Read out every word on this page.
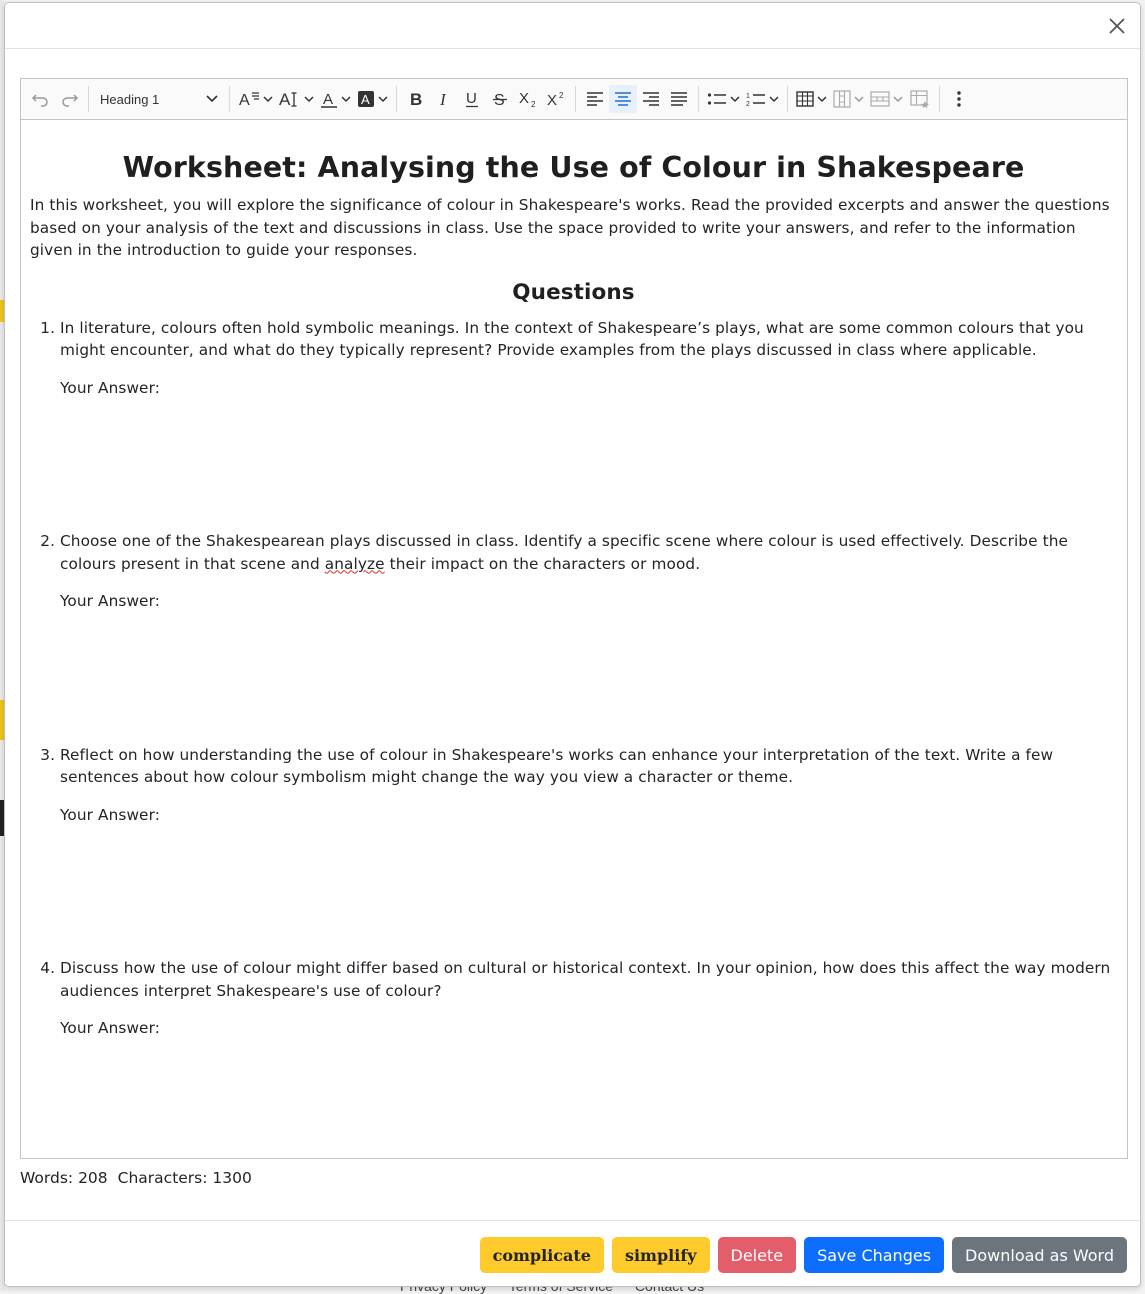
Heading 1	A A A A B I U S X 2 X 2	1
2
Worksheet: Analysing the Use of Colour in Shakespeare

In this worksheet, you will explore the significance of colour in Shakespeare's works. Read the provided excerpts and answer the questions based on your analysis of the text and discussions in class. Use the space provided to write your answers, and refer to the information given in the introduction to guide your responses.

Questions
1. In literature, colours often hold symbolic meanings. In the context of Shakespeare’s plays, what are some common colours that you might encounter, and what do they typically represent? Provide examples from the plays discussed in class where applicable.
Your Answer:
2. Choose one of the Shakespearean plays discussed in class. Identify a specific scene where colour is used effectively. Describe the colours present in that scene and analyze their impact on the characters or mood.
Your Answer:
3. Reflect on how understanding the use of colour in Shakespeare's works can enhance your interpretation of the text. Write a few sentences about how colour symbolism might change the way you view a character or theme.
Your Answer:
4. Discuss how the use of colour might differ based on cultural or historical context. In your opinion, how does this affect the way modern audiences interpret Shakespeare's use of colour?
Your Answer:
Words: 208 Characters: 1300
complicate	simplify	Delete	Save Changes	Download as Word
